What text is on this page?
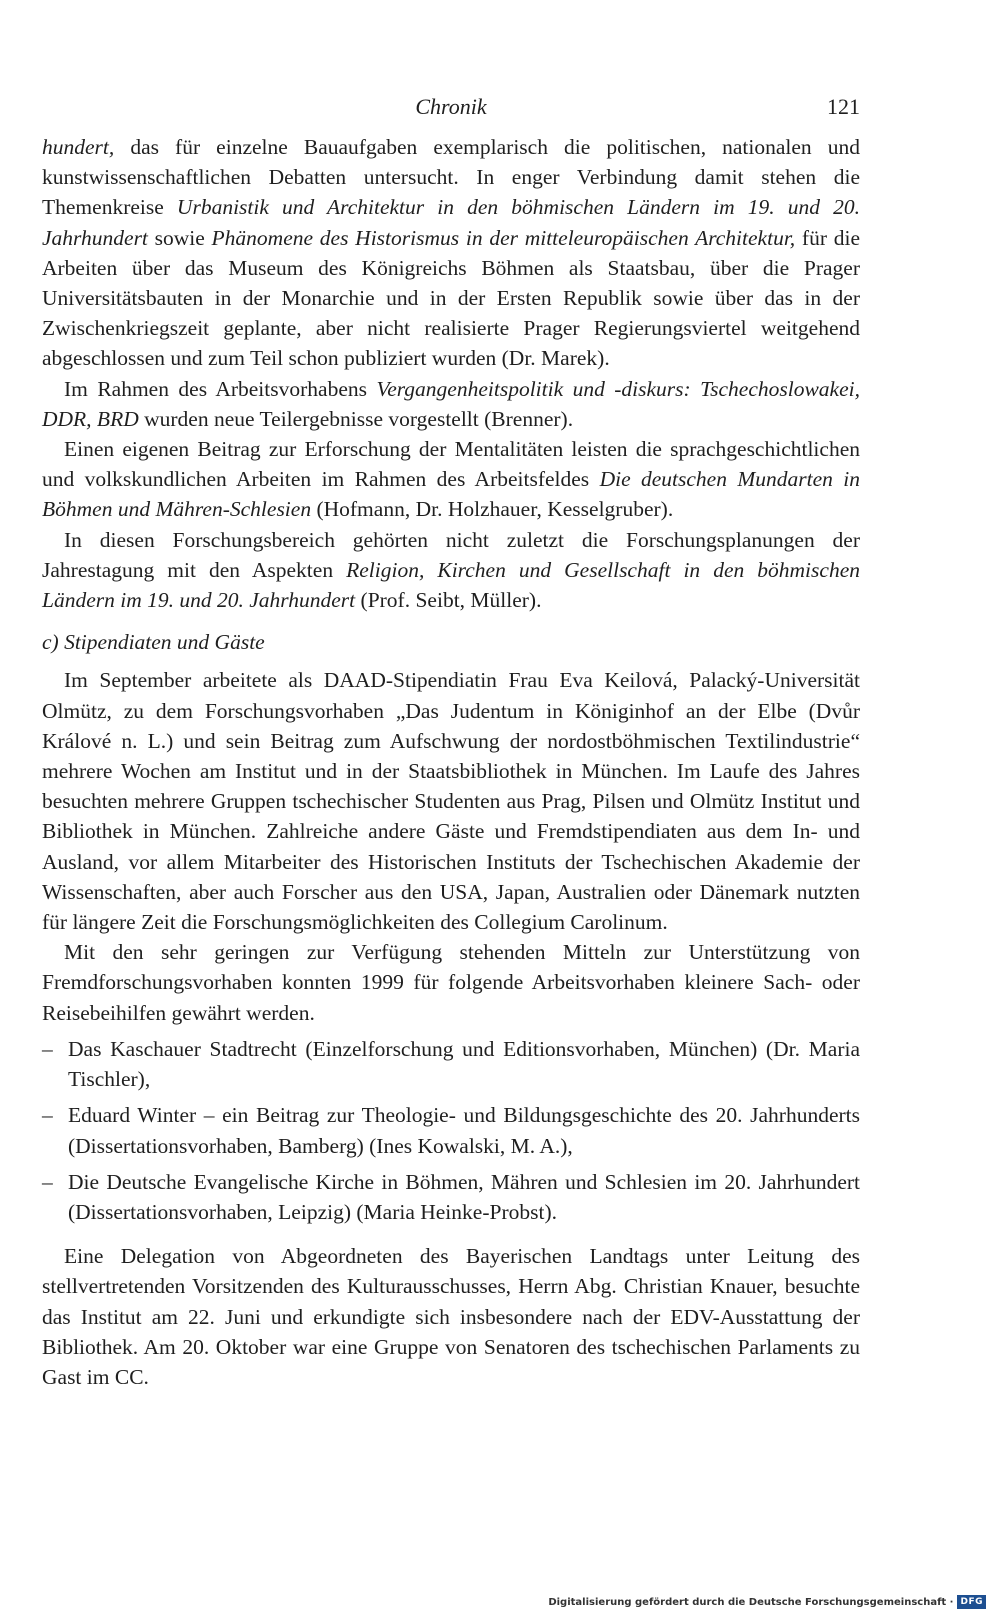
Chronik	121

hundert, das für einzelne Bauaufgaben exemplarisch die politischen, nationalen und kunstwissenschaftlichen Debatten untersucht. In enger Verbindung damit stehen die Themenkreise Urbanistik und Architektur in den böhmischen Ländern im 19. und 20. Jahrhundert sowie Phänomene des Historismus in der mitteleuropäischen Architektur, für die Arbeiten über das Museum des Königreichs Böhmen als Staatsbau, über die Prager Universitätsbauten in der Monarchie und in der Ersten Republik sowie über das in der Zwischenkriegszeit geplante, aber nicht realisierte Prager Regierungsviertel weitgehend abgeschlossen und zum Teil schon publiziert wurden (Dr. Marek).

Im Rahmen des Arbeitsvorhabens Vergangenheitspolitik und -diskurs: Tschechoslowakei, DDR, BRD wurden neue Teilergebnisse vorgestellt (Brenner).

Einen eigenen Beitrag zur Erforschung der Mentalitäten leisten die sprachgeschichtlichen und volkskundlichen Arbeiten im Rahmen des Arbeitsfeldes Die deutschen Mundarten in Böhmen und Mähren-Schlesien (Hofmann, Dr. Holzhauer, Kesselgruber).

In diesen Forschungsbereich gehörten nicht zuletzt die Forschungsplanungen der Jahrestagung mit den Aspekten Religion, Kirchen und Gesellschaft in den böhmischen Ländern im 19. und 20. Jahrhundert (Prof. Seibt, Müller).

c) Stipendiaten und Gäste

Im September arbeitete als DAAD-Stipendiatin Frau Eva Keilová, Palacký-Universität Olmütz, zu dem Forschungsvorhaben „Das Judentum in Königinhof an der Elbe (Dvůr Králové n. L.) und sein Beitrag zum Aufschwung der nordostböhmischen Textilindustrie“ mehrere Wochen am Institut und in der Staatsbibliothek in München. Im Laufe des Jahres besuchten mehrere Gruppen tschechischer Studenten aus Prag, Pilsen und Olmütz Institut und Bibliothek in München. Zahlreiche andere Gäste und Fremdstipendiaten aus dem In- und Ausland, vor allem Mitarbeiter des Historischen Instituts der Tschechischen Akademie der Wissenschaften, aber auch Forscher aus den USA, Japan, Australien oder Dänemark nutzten für längere Zeit die Forschungsmöglichkeiten des Collegium Carolinum.

Mit den sehr geringen zur Verfügung stehenden Mitteln zur Unterstützung von Fremdforschungsvorhaben konnten 1999 für folgende Arbeitsvorhaben kleinere Sach- oder Reisebeihilfen gewährt werden.

– Das Kaschauer Stadtrecht (Einzelforschung und Editionsvorhaben, München) (Dr. Maria Tischler),
– Eduard Winter – ein Beitrag zur Theologie- und Bildungsgeschichte des 20. Jahrhunderts (Dissertationsvorhaben, Bamberg) (Ines Kowalski, M. A.),
– Die Deutsche Evangelische Kirche in Böhmen, Mähren und Schlesien im 20. Jahrhundert (Dissertationsvorhaben, Leipzig) (Maria Heinke-Probst).

Eine Delegation von Abgeordneten des Bayerischen Landtags unter Leitung des stellvertretenden Vorsitzenden des Kulturausschusses, Herrn Abg. Christian Knauer, besuchte das Institut am 22. Juni und erkundigte sich insbesondere nach der EDV-Ausstattung der Bibliothek. Am 20. Oktober war eine Gruppe von Senatoren des tschechischen Parlaments zu Gast im CC.

Digitalisierung gefördert durch die Deutsche Forschungsgemeinschaft · DFG
